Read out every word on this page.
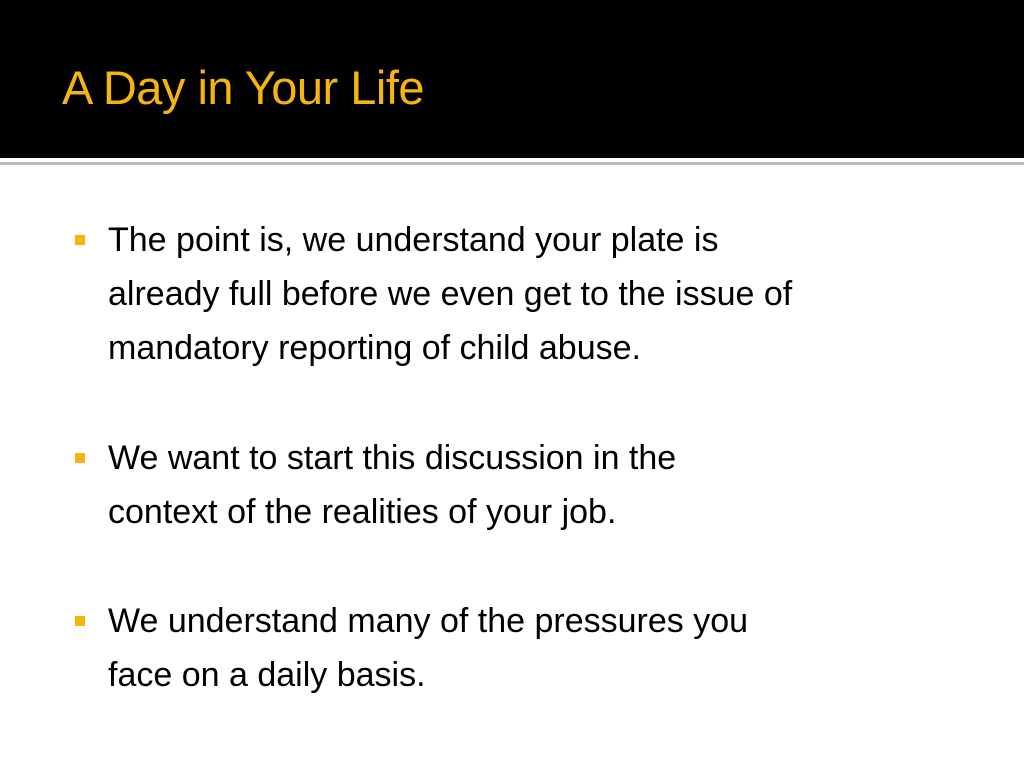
A Day in Your Life
The point is, we understand your plate is
already full before we even get to the issue of
mandatory reporting of child abuse.
We want to start this discussion in the
context of the realities of your job.
We understand many of the pressures you
face on a daily basis.
